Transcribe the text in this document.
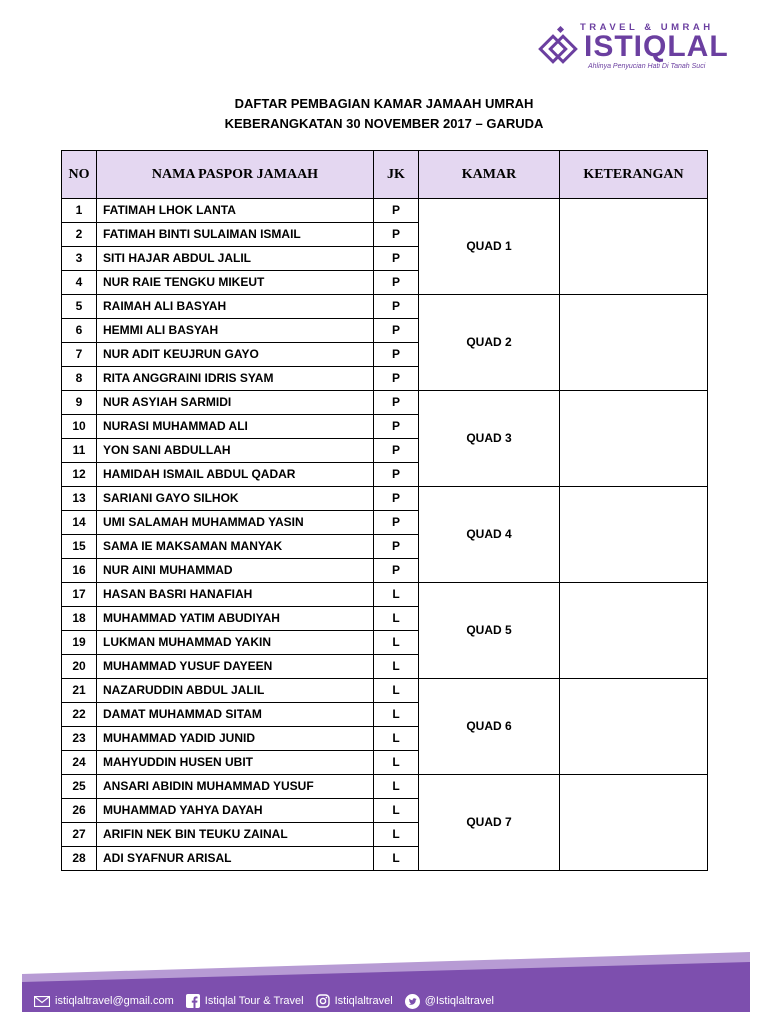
TRAVEL & UMRAH
ISTIQLAL
Ahlinya Penyucian Hati Di Tanah Suci
DAFTAR PEMBAGIAN KAMAR JAMAAH UMRAH
KEBERANGKATAN 30 NOVEMBER 2017 – GARUDA
NO	NAMA PASPOR JAMAAH	JK	KAMAR	KETERANGAN
1	FATIMAH LHOK LANTA	P	QUAD 1	
2	FATIMAH BINTI SULAIMAN ISMAIL	P		
3	SITI HAJAR ABDUL JALIL	P		
4	NUR RAIE TENGKU MIKEUT	P		
5	RAIMAH ALI BASYAH	P	QUAD 2	
6	HEMMI ALI BASYAH	P		
7	NUR ADIT KEUJRUN GAYO	P		
8	RITA ANGGRAINI IDRIS SYAM	P		
9	NUR ASYIAH SARMIDI	P	QUAD 3	
10	NURASI MUHAMMAD ALI	P		
11	YON SANI ABDULLAH	P		
12	HAMIDAH ISMAIL ABDUL QADAR	P		
13	SARIANI GAYO SILHOK	P	QUAD 4	
14	UMI SALAMAH MUHAMMAD YASIN	P		
15	SAMA IE MAKSAMAN MANYAK	P		
16	NUR AINI MUHAMMAD	P		
17	HASAN BASRI HANAFIAH	L	QUAD 5	
18	MUHAMMAD YATIM ABUDIYAH	L		
19	LUKMAN MUHAMMAD YAKIN	L		
20	MUHAMMAD YUSUF DAYEEN	L		
21	NAZARUDDIN ABDUL JALIL	L	QUAD 6	
22	DAMAT MUHAMMAD SITAM	L		
23	MUHAMMAD YADID JUNID	L		
24	MAHYUDDIN HUSEN UBIT	L		
25	ANSARI ABIDIN MUHAMMAD YUSUF	L	QUAD 7	
26	MUHAMMAD YAHYA DAYAH	L		
27	ARIFIN NEK BIN TEUKU ZAINAL	L		
28	ADI SYAFNUR ARISAL	L		
istiqlaltravel@gmail.com	Istiqlal Tour & Travel	Istiqlaltravel	@Istiqlaltravel
